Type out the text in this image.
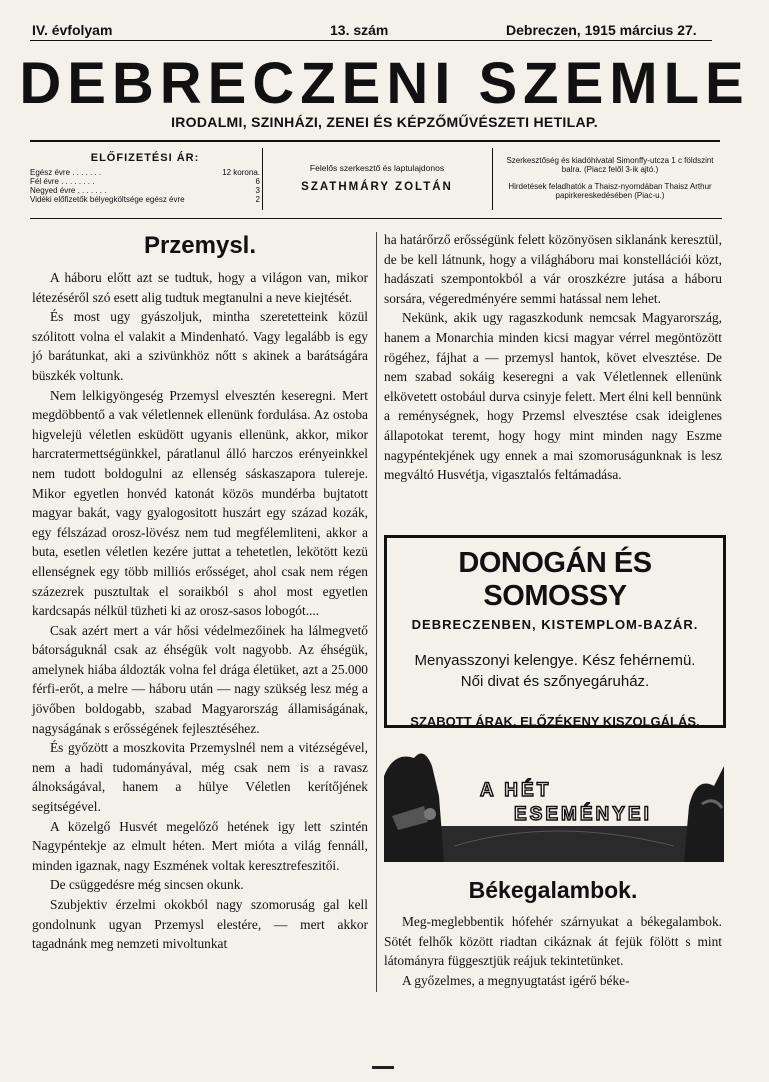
IV. évfolyam	13. szám	Debreczen, 1915 március 27.
DEBRECZENI SZEMLE
IRODALMI, SZINHÁZI, ZENEI ÉS KÉPZŐMŰVÉSZETI HETILAP.
ELŐFIZETÉSI ÁR:
Egész évre . . . . . . .	12 korona.
Fél évre . . . . . . . .	6
Negyed évre . . . . . . .	3
Vidéki előfizetők bélyegköltsége egész évre	2
Felelős szerkesztő és laptulajdonos
SZATHMÁRY ZOLTÁN
Szerkesztőség és kiadóhivatal Simonffy-utcza 1 c földszint balra. (Piacz felől 3-ik ajtó.)
Hirdetések feladhatók a Thaisz-nyomdában Thaisz Arthur papirkereskedésében (Piac-u.)
Przemysl.

A háboru előtt azt se tudtuk, hogy a világon van, mikor létezéséről szó esett alig tudtuk megtanulni a neve kiejtését.

És most ugy gyászoljuk, mintha szeretetteink közül szólitott volna el valakit a Mindenható. Vagy legalább is egy jó barátunkat, aki a szivünkhöz nőtt s akinek a barátságára büszkék voltunk.

Nem lelkigyöngeség Przemysl elvesztén keseregni. Mert megdöbbentő a vak véletlennek ellenünk fordulása. Az ostoba higvelejü véletlen esküdött ugyanis ellenünk, akkor, mikor harcratermettségünkkel, páratlanul álló harczos erényeinkkel nem tudott boldogulni az ellenség sáskaszapora tulereje. Mikor egyetlen honvéd katonát közös mundérba bujtatott magyar bakát, vagy gyalogositott huszárt egy század kozák, egy félszázad orosz-lövész nem tud megfélemliteni, akkor a buta, esetlen véletlen kezére juttat a tehetetlen, lekötött kezü ellenségnek egy több milliós erősséget, ahol csak nem régen százezrek pusztultak el soraikból s ahol most egyetlen kardcsapás nélkül tüzheti ki az orosz-sasos lobogót....

Csak azért mert a vár hősi védelmezőinek ha lálmegvető bátorságuknál csak az éhségük volt nagyobb. Az éhségük, amelynek hiába áldozták volna fel drága életüket, azt a 25.000 férfi-erőt, a melre — háboru után — nagy szükség lesz még a jövőben boldogabb, szabad Magyarország államiságának, nagyságának s erősségének fejlesztéséhez.

És győzött a moszkovita Przemyslnél nem a vitézségével, nem a hadi tudományával, még csak nem is a ravasz álnokságával, hanem a hülye Véletlen kerítőjének segitségével.

A közelgő Husvét megelőző hetének igy lett szintén Nagypéntekje az elmult héten. Mert mióta a világ fennáll, minden igaznak, nagy Eszmének voltak keresztrefeszitői.

De csüggedésre még sincsen okunk.

Szubjektiv érzelmi okokból nagy szomoruság gal kell gondolnunk ugyan Przemysl elestére, — mert akkor tagadnánk meg nemzeti mivoltunkat

ha határőrző erősségünk felett közönyösen siklanánk keresztül, de be kell látnunk, hogy a világháboru mai konstellációi közt, hadászati szempontokból a vár oroszkézre jutása a háboru sorsára, végeredményére semmi hatással nem lehet.

Nekünk, akik ugy ragaszkodunk nemcsak Magyarország, hanem a Monarchia minden kicsi magyar vérrel megöntözött rögéhez, fájhat a — przemysl hantok, követ elvesztése. De nem szabad sokáig keseregni a vak Véletlennek ellenünk elkövetett ostobául durva csinyje felett. Mert élni kell bennünk a reménységnek, hogy Przemsl elvesztése csak ideiglenes állapotokat teremt, hogy hogy mint minden nagy Eszme nagypéntekjének ugy ennek a mai szomoruságunknak is lesz megváltó Husvétja, vigasztalós feltámadása.

DONOGÁN ÉS SOMOSSY
DEBRECZENBEN, KISTEMPLOM-BAZÁR.
Menyasszonyi kelengye. Kész fehérnemü. Női divat és szőnyegáruház.
SZABOTT ÁRAK. ELŐZÉKENY KISZOLGÁLÁS.
A HÉT
ESEMÉNYEI
Békegalambok.

Meg-meglebbentik hófehér szárnyukat a békegalambok. Sötét felhők között riadtan cikáznak át fejük fölött s mint látományra függesztjük reájuk tekintetünket.

A győzelmes, a megnyugtatást igérő béke-
